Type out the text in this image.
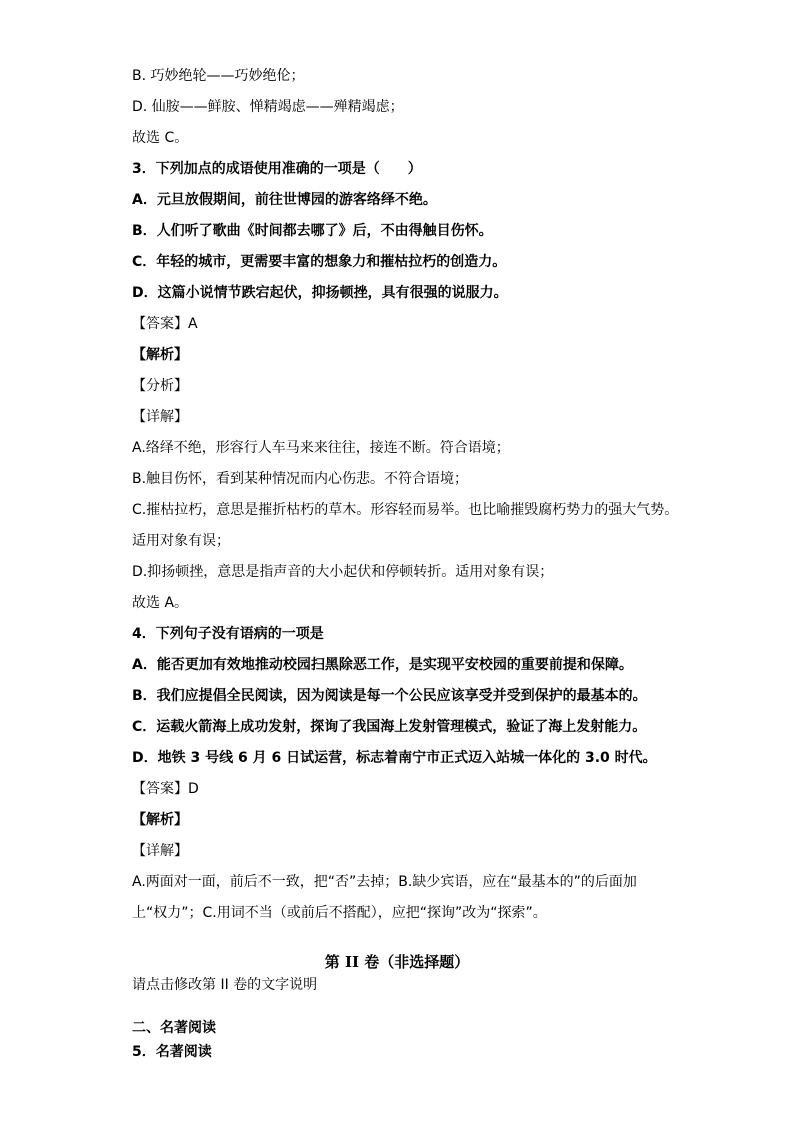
B. 巧妙绝轮——巧妙绝伦；
D. 仙胺——鲜胺、惮精竭虑——殚精竭虑；
故选 C。
3．下列加点的成语使用准确的一项是（　　）
A．元旦放假期间，前往世博园的游客络绎不绝。
B．人们听了歌曲《时间都去哪了》后，不由得触目伤怀。
C．年轻的城市，更需要丰富的想象力和摧枯拉朽的创造力。
D．这篇小说情节跌宕起伏，抑扬顿挫，具有很强的说服力。
【答案】A
【解析】
【分析】
【详解】
A.络绎不绝，形容行人车马来来往往，接连不断。符合语境；
B.触目伤怀，看到某种情况而内心伤悲。不符合语境；
C.摧枯拉朽，意思是摧折枯朽的草木。形容轻而易举。也比喻摧毁腐朽势力的强大气势。
适用对象有误；
D.抑扬顿挫，意思是指声音的大小起伏和停顿转折。适用对象有误；
故选 A。
4．下列句子没有语病的一项是
A．能否更加有效地推动校园扫黑除恶工作，是实现平安校园的重要前提和保障。
B．我们应提倡全民阅读，因为阅读是每一个公民应该享受并受到保护的最基本的。
C．运载火箭海上成功发射，探询了我国海上发射管理模式，验证了海上发射能力。
D．地铁 3 号线 6 月 6 日试运营，标志着南宁市正式迈入站城一体化的 3.0 时代。
【答案】D
【解析】
【详解】
A.两面对一面，前后不一致，把“否”去掉；B.缺少宾语，应在“最基本的”的后面加
上“权力”；C.用词不当（或前后不搭配），应把“探询”改为“探索”。
第 II 卷（非选择题）
请点击修改第 II 卷的文字说明
二、名著阅读
5．名著阅读
